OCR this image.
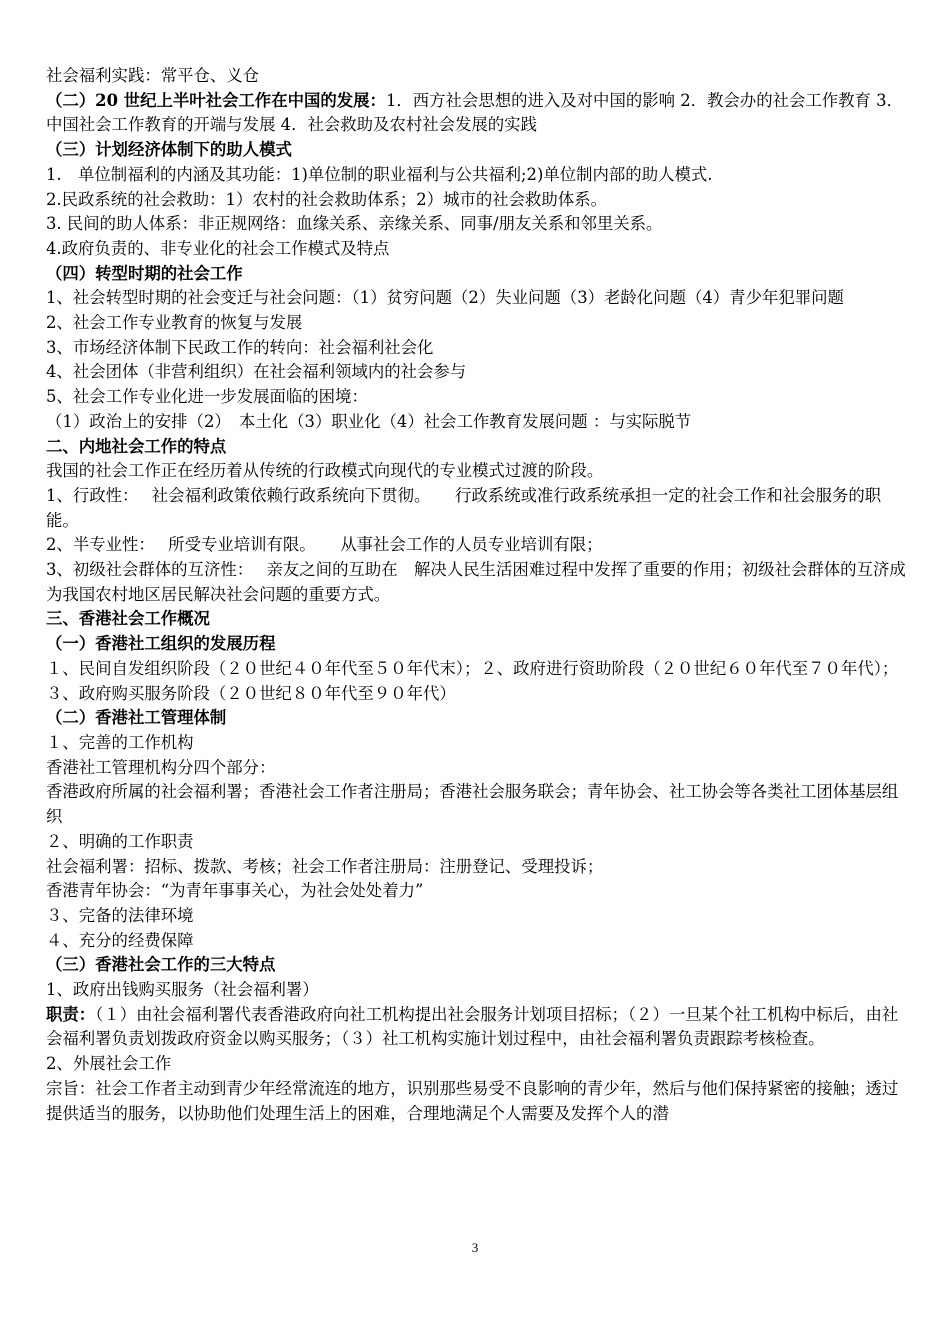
社会福利实践：常平仓、义仓

（二）20 世纪上半叶社会工作在中国的发展：1．西方社会思想的进入及对中国的影响 2．教会办的社会工作教育 3．中国社会工作教育的开端与发展 4．社会救助及农村社会发展的实践

（三）计划经济体制下的助人模式

1.　单位制福利的内涵及其功能：1)单位制的职业福利与公共福利;2)单位制内部的助人模式.

2.民政系统的社会救助：1）农村的社会救助体系；2）城市的社会救助体系。

3. 民间的助人体系：非正规网络：血缘关系、亲缘关系、同事/朋友关系和邻里关系。

4.政府负责的、非专业化的社会工作模式及特点

（四）转型时期的社会工作

1、社会转型时期的社会变迁与社会问题：（1）贫穷问题（2）失业问题（3）老龄化问题（4）青少年犯罪问题

2、社会工作专业教育的恢复与发展

3、市场经济体制下民政工作的转向：社会福利社会化

4、社会团体（非营利组织）在社会福利领域内的社会参与

5、社会工作专业化进一步发展面临的困境：

（1）政治上的安排（2）　本土化（3）职业化（4）社会工作教育发展问题 ：与实际脱节

二、内地社会工作的特点

我国的社会工作正在经历着从传统的行政模式向现代的专业模式过渡的阶段。

1、行政性：　 社会福利政策依赖行政系统向下贯彻。　　行政系统或准行政系统承担一定的社会工作和社会服务的职能。

2、半专业性：　 所受专业培训有限。　　从事社会工作的人员专业培训有限；

3、初级社会群体的互济性：　 亲友之间的互助在　解决人民生活困难过程中发挥了重要的作用；初级社会群体的互济成为我国农村地区居民解决社会问题的重要方式。

三、香港社会工作概况

（一）香港社工组织的发展历程

１、民间自发组织阶段（２０世纪４０年代至５０年代末）；２、政府进行资助阶段（２０世纪６０年代至７０年代）；

３、政府购买服务阶段（２０世纪８０年代至９０年代）

（二）香港社工管理体制

１、完善的工作机构

香港社工管理机构分四个部分：

香港政府所属的社会福利署；香港社会工作者注册局；香港社会服务联会；青年协会、社工协会等各类社工团体基层组织

２、明确的工作职责

社会福利署：招标、拨款、考核；社会工作者注册局：注册登记、受理投诉；

香港青年协会：“为青年事事关心，为社会处处着力”

３、完备的法律环境

４、充分的经费保障

（三）香港社会工作的三大特点

1、政府出钱购买服务（社会福利署）

职责：（１）由社会福利署代表香港政府向社工机构提出社会服务计划项目招标；（２）一旦某个社工机构中标后，由社会福利署负责划拨政府资金以购买服务；（３）社工机构实施计划过程中，由社会福利署负责跟踪考核检查。

2、外展社会工作

宗旨：社会工作者主动到青少年经常流连的地方，识别那些易受不良影响的青少年，然后与他们保持紧密的接触；透过提供适当的服务，以协助他们处理生活上的困难，合理地满足个人需要及发挥个人的潜

3
